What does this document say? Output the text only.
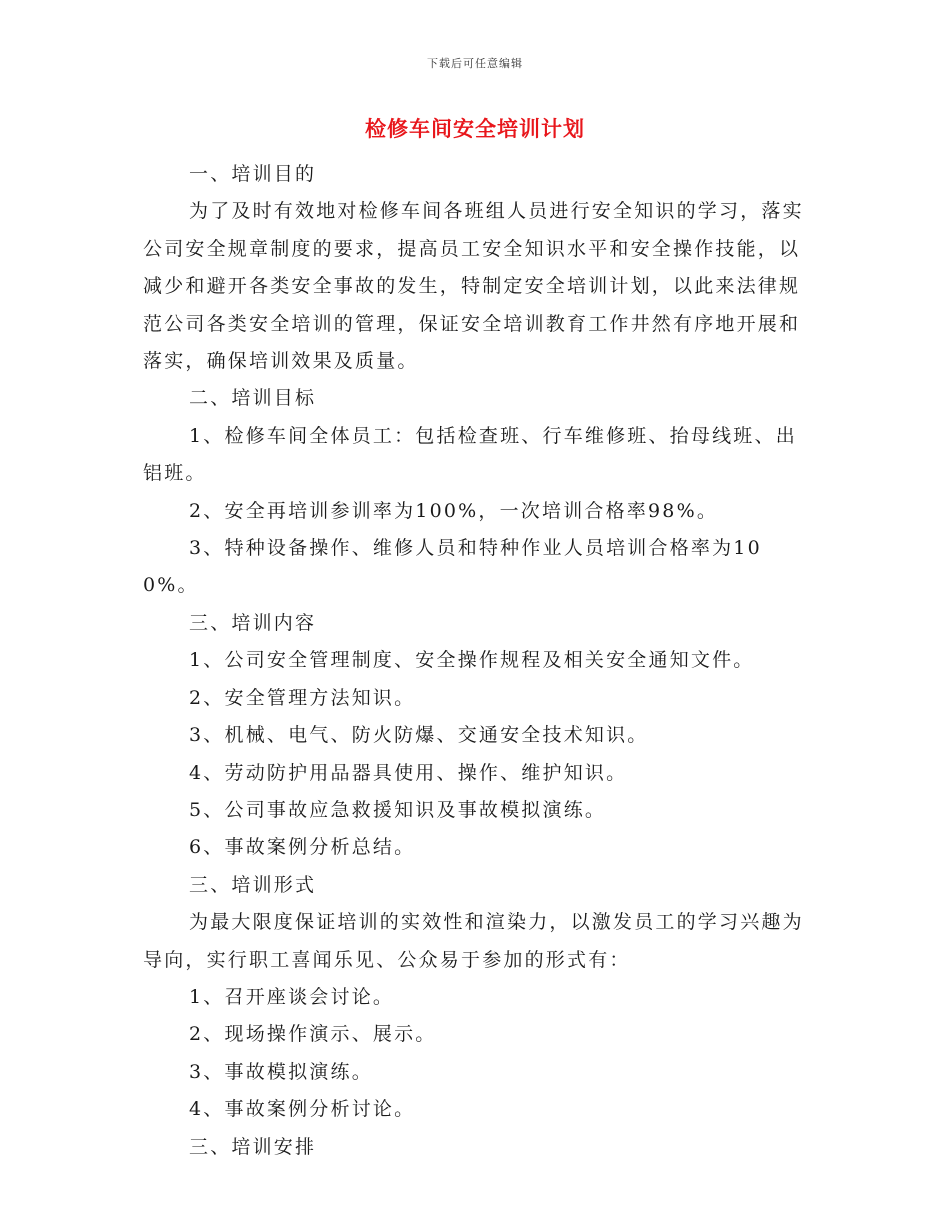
下载后可任意编辑
检修车间安全培训计划

一、培训目的

为了及时有效地对检修车间各班组人员进行安全知识的学习，落实公司安全规章制度的要求，提高员工安全知识水平和安全操作技能，以减少和避开各类安全事故的发生，特制定安全培训计划，以此来法律规范公司各类安全培训的管理，保证安全培训教育工作井然有序地开展和落实，确保培训效果及质量。

二、培训目标

1、检修车间全体员工：包括检查班、行车维修班、抬母线班、出铝班。

2、安全再培训参训率为100%，一次培训合格率98%。

3、特种设备操作、维修人员和特种作业人员培训合格率为100%。

三、培训内容

1、公司安全管理制度、安全操作规程及相关安全通知文件。

2、安全管理方法知识。

3、机械、电气、防火防爆、交通安全技术知识。

4、劳动防护用品器具使用、操作、维护知识。

5、公司事故应急救援知识及事故模拟演练。

6、事故案例分析总结。

三、培训形式

为最大限度保证培训的实效性和渲染力，以激发员工的学习兴趣为导向，实行职工喜闻乐见、公众易于参加的形式有：

1、召开座谈会讨论。

2、现场操作演示、展示。

3、事故模拟演练。

4、事故案例分析讨论。

三、培训安排
